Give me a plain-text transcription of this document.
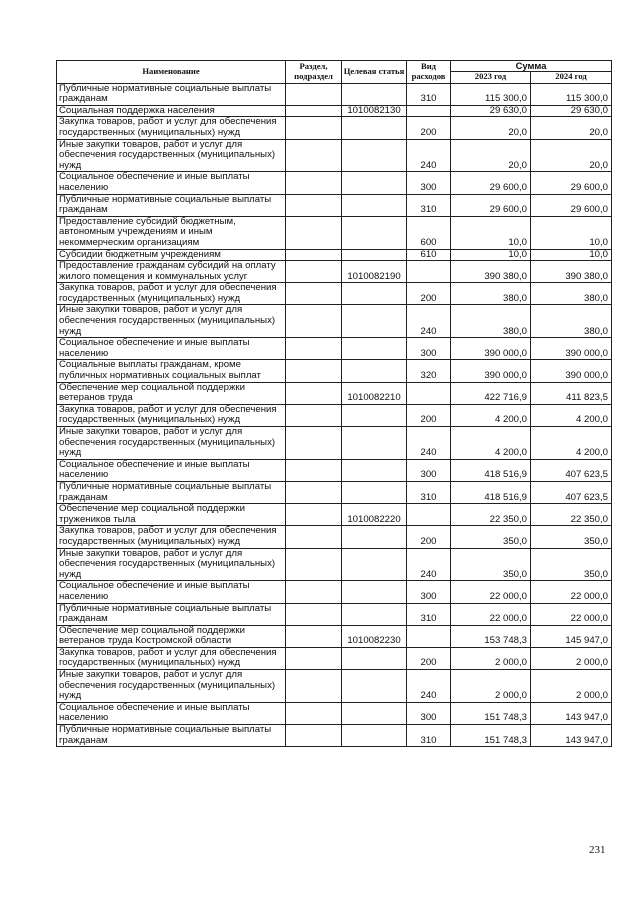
Наименование	Раздел, подраздел	Целевая статья	Вид расходов	Сумма	
				2023 год	2024 год
Публичные нормативные социальные выплаты гражданам			310	115 300,0	115 300,0
Социальная поддержка населения		1010082130		29 630,0	29 630,0
Закупка товаров, работ и услуг для обеспечения государственных (муниципальных) нужд			200	20,0	20,0
Иные закупки товаров, работ и услуг для обеспечения государственных (муниципальных) нужд			240	20,0	20,0
Социальное обеспечение и иные выплаты населению			300	29 600,0	29 600,0
Публичные нормативные социальные выплаты гражданам			310	29 600,0	29 600,0
Предоставление субсидий бюджетным, автономным учреждениям и иным некоммерческим организациям			600	10,0	10,0
Субсидии бюджетным учреждениям			610	10,0	10,0
Предоставление гражданам субсидий на оплату жилого помещения и коммунальных услуг		1010082190		390 380,0	390 380,0
Закупка товаров, работ и услуг для обеспечения государственных (муниципальных) нужд			200	380,0	380,0
Иные закупки товаров, работ и услуг для обеспечения государственных (муниципальных) нужд			240	380,0	380,0
Социальное обеспечение и иные выплаты населению			300	390 000,0	390 000,0
Социальные выплаты гражданам, кроме публичных нормативных социальных выплат			320	390 000,0	390 000,0
Обеспечение мер социальной поддержки ветеранов труда		1010082210		422 716,9	411 823,5
Закупка товаров, работ и услуг для обеспечения государственных (муниципальных) нужд			200	4 200,0	4 200,0
Иные закупки товаров, работ и услуг для обеспечения государственных (муниципальных) нужд			240	4 200,0	4 200,0
Социальное обеспечение и иные выплаты населению			300	418 516,9	407 623,5
Публичные нормативные социальные выплаты гражданам			310	418 516,9	407 623,5
Обеспечение мер социальной поддержки тружеников тыла		1010082220		22 350,0	22 350,0
Закупка товаров, работ и услуг для обеспечения государственных (муниципальных) нужд			200	350,0	350,0
Иные закупки товаров, работ и услуг для обеспечения государственных (муниципальных) нужд			240	350,0	350,0
Социальное обеспечение и иные выплаты населению			300	22 000,0	22 000,0
Публичные нормативные социальные выплаты гражданам			310	22 000,0	22 000,0
Обеспечение мер социальной поддержки ветеранов труда Костромской области		1010082230		153 748,3	145 947,0
Закупка товаров, работ и услуг для обеспечения государственных (муниципальных) нужд			200	2 000,0	2 000,0
Иные закупки товаров, работ и услуг для обеспечения государственных (муниципальных) нужд			240	2 000,0	2 000,0
Социальное обеспечение и иные выплаты населению			300	151 748,3	143 947,0
Публичные нормативные социальные выплаты гражданам			310	151 748,3	143 947,0
231
